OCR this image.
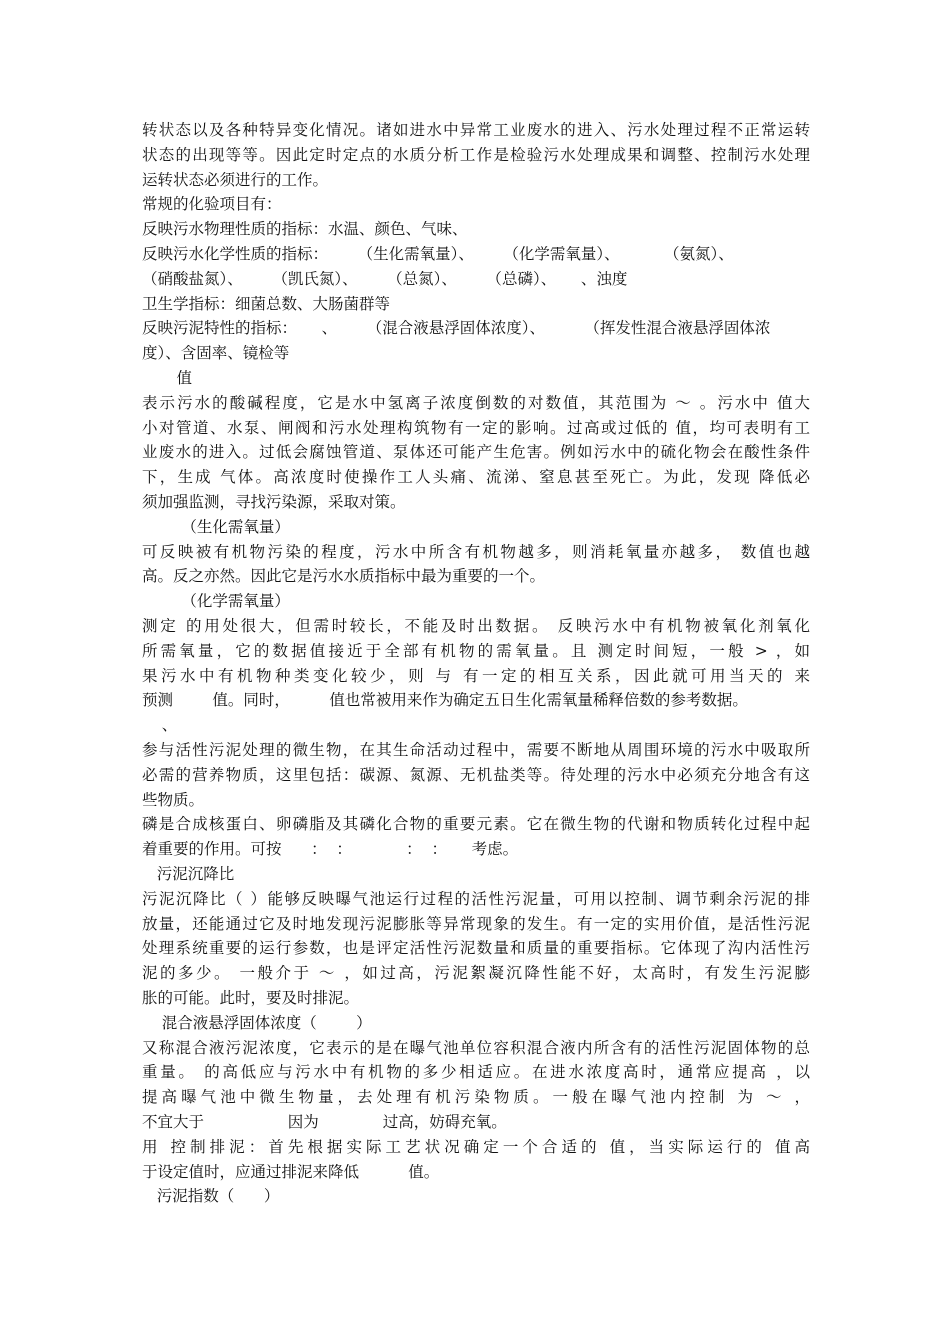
转状态以及各种特异变化情况。诸如进水中异常工业废水的进入、污水处理过程不正常运转
状态的出现等等。因此定时定点的水质分析工作是检验污水处理成果和调整、控制污水处理
运转状态必须进行的工作。
常规的化验项目有：
反映污水物理性质的指标：水温、颜色、气味、
反映污水化学性质的指标：      （生化需氧量）、      （化学需氧量）、         （氨氮）、
（硝酸盐氮）、      （凯氏氮）、      （总氮）、      （总磷）、     、浊度
卫生学指标：细菌总数、大肠菌群等
反映污泥特性的指标：     、      （混合液悬浮固体浓度）、        （挥发性混合液悬浮固体浓
度）、含固率、镜检等
值
表示污水的酸碱程度，它是水中氢离子浓度倒数的对数值，其范围为 ～ 。污水中 值大
小对管道、水泵、闸阀和污水处理构筑物有一定的影响。过高或过低的 值，均可表明有工
业废水的进入。过低会腐蚀管道、泵体还可能产生危害。例如污水中的硫化物会在酸性条件
下，生成 气体。高浓度时使操作工人头痛、流涕、窒息甚至死亡。为此，发现 降低必
须加强监测，寻找污染源，采取对策。
（生化需氧量）
可反映被有机物污染的程度，污水中所含有机物越多，则消耗氧量亦越多， 数值也越
高。反之亦然。因此它是污水水质指标中最为重要的一个。
（化学需氧量）
测定 的用处很大，但需时较长，不能及时出数据。 反映污水中有机物被氧化剂氧化
所需氧量，它的数据值接近于全部有机物的需氧量。且 测定时间短，一般 > ，如
果污水中有机物种类变化较少，则 与 有一定的相互关系，因此就可用当天的 来
预测        值。同时，        值也常被用来作为确定五日生化需氧量稀释倍数的参考数据。
、
参与活性污泥处理的微生物，在其生命活动过程中，需要不断地从周围环境的污水中吸取所
必需的营养物质，这里包括：碳源、氮源、无机盐类等。待处理的污水中必须充分地含有这
些物质。
磷是合成核蛋白、卵磷脂及其磷化合物的重要元素。它在微生物的代谢和物质转化过程中起
着重要的作用。可按      ：  ：           ：  ：     考虑。
污泥沉降比
污泥沉降比（ ）能够反映曝气池运行过程的活性污泥量，可用以控制、调节剩余污泥的排
放量，还能通过它及时地发现污泥膨胀等异常现象的发生。有一定的实用价值，是活性污泥
处理系统重要的运行参数，也是评定活性污泥数量和质量的重要指标。它体现了沟内活性污
泥的多少。 一般介于 ～ ，如过高，污泥絮凝沉降性能不好，太高时，有发生污泥膨
胀的可能。此时，要及时排泥。
混合液悬浮固体浓度（        ）
又称混合液污泥浓度，它表示的是在曝气池单位容积混合液内所含有的活性污泥固体物的总
重量。 的高低应与污水中有机物的多少相适应。在进水浓度高时，通常应提高 ，以
提高曝气池中微生物量，去处理有机污染物质。一般在曝气池内控制 为 ～ ，
不宜大于                 因为             过高，妨碍充氧。
用 控制排泥：首先根据实际工艺状况确定一个合适的 值，当实际运行的 值高
于设定值时，应通过排泥来降低          值。
污泥指数（      ）
